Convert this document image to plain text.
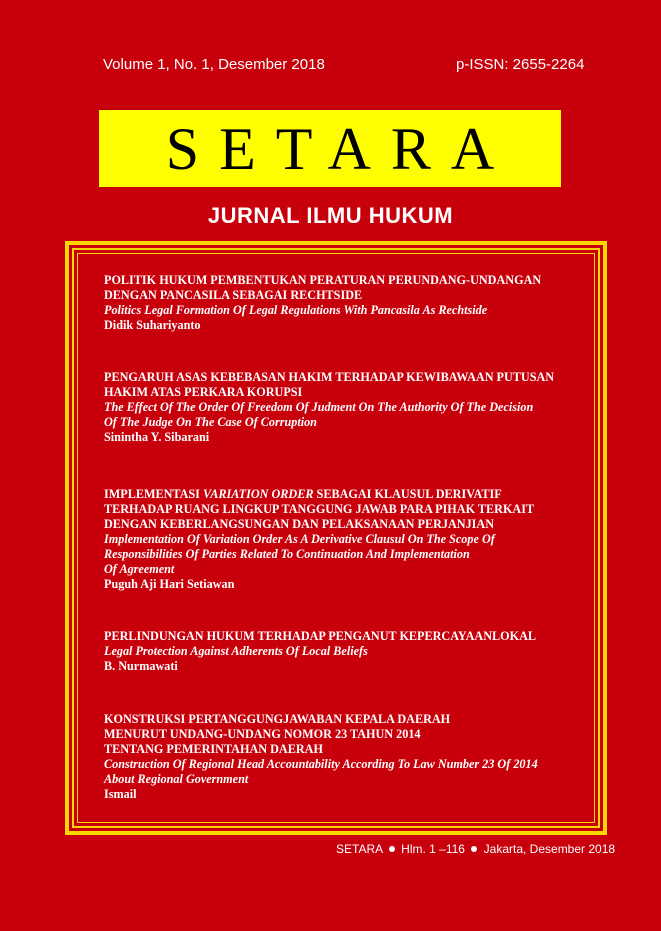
Volume 1, No. 1, Desember 2018	p-ISSN: 2655-2264
SETARA
JURNAL ILMU HUKUM
POLITIK HUKUM PEMBENTUKAN PERATURAN PERUNDANG-UNDANGAN
DENGAN PANCASILA SEBAGAI RECHTSIDE
Politics Legal Formation Of Legal Regulations With Pancasila As Rechtside
Didik Suhariyanto
PENGARUH ASAS KEBEBASAN HAKIM TERHADAP KEWIBAWAAN PUTUSAN
HAKIM ATAS PERKARA KORUPSI
The Effect Of The Order Of Freedom Of Judment On The Authority Of The Decision
Of The Judge On The Case Of Corruption
Sinintha Y. Sibarani
IMPLEMENTASI VARIATION ORDER SEBAGAI KLAUSUL DERIVATIF
TERHADAP RUANG LINGKUP TANGGUNG JAWAB PARA PIHAK TERKAIT
DENGAN KEBERLANGSUNGAN DAN PELAKSANAAN PERJANJIAN
Implementation Of Variation Order As A Derivative Clausul On The Scope Of
Responsibilities Of Parties Related To Continuation And Implementation
Of Agreement
Puguh Aji Hari Setiawan
PERLINDUNGAN HUKUM TERHADAP PENGANUT KEPERCAYAANLOKAL
Legal Protection Against Adherents Of Local Beliefs
B. Nurmawati
KONSTRUKSI PERTANGGUNGJAWABAN KEPALA DAERAH
MENURUT UNDANG-UNDANG NOMOR 23 TAHUN 2014
TENTANG PEMERINTAHAN DAERAH
Construction Of Regional Head Accountability According To Law Number 23 Of 2014
About Regional Government
Ismail
SETARA Hlm. 1 –116 Jakarta, Desember 2018
